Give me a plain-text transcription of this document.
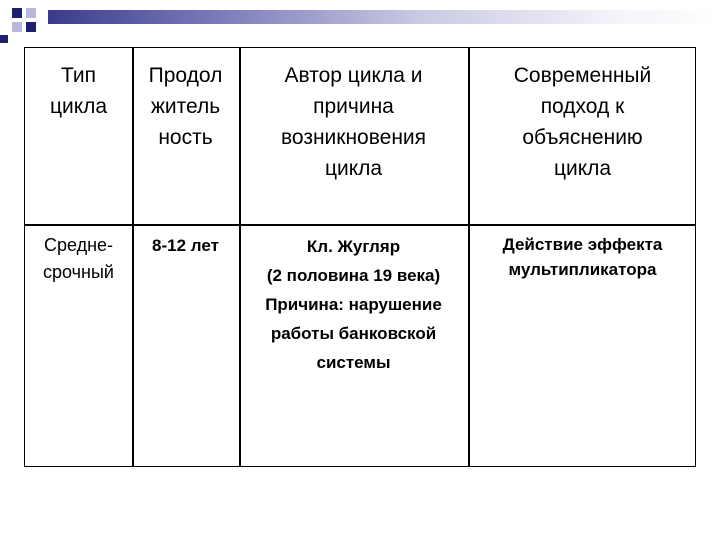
Тип
цикла
Продол
житель
ность
Автор цикла и
причина
возникновения
цикла
Современный
подход к
объяснению
цикла
Средне-
срочный
8-12 лет	Кл. Жугляр
(2 половина 19 века)
Причина: нарушение
работы банковской
системы
Действие эффекта
мультипликатора
